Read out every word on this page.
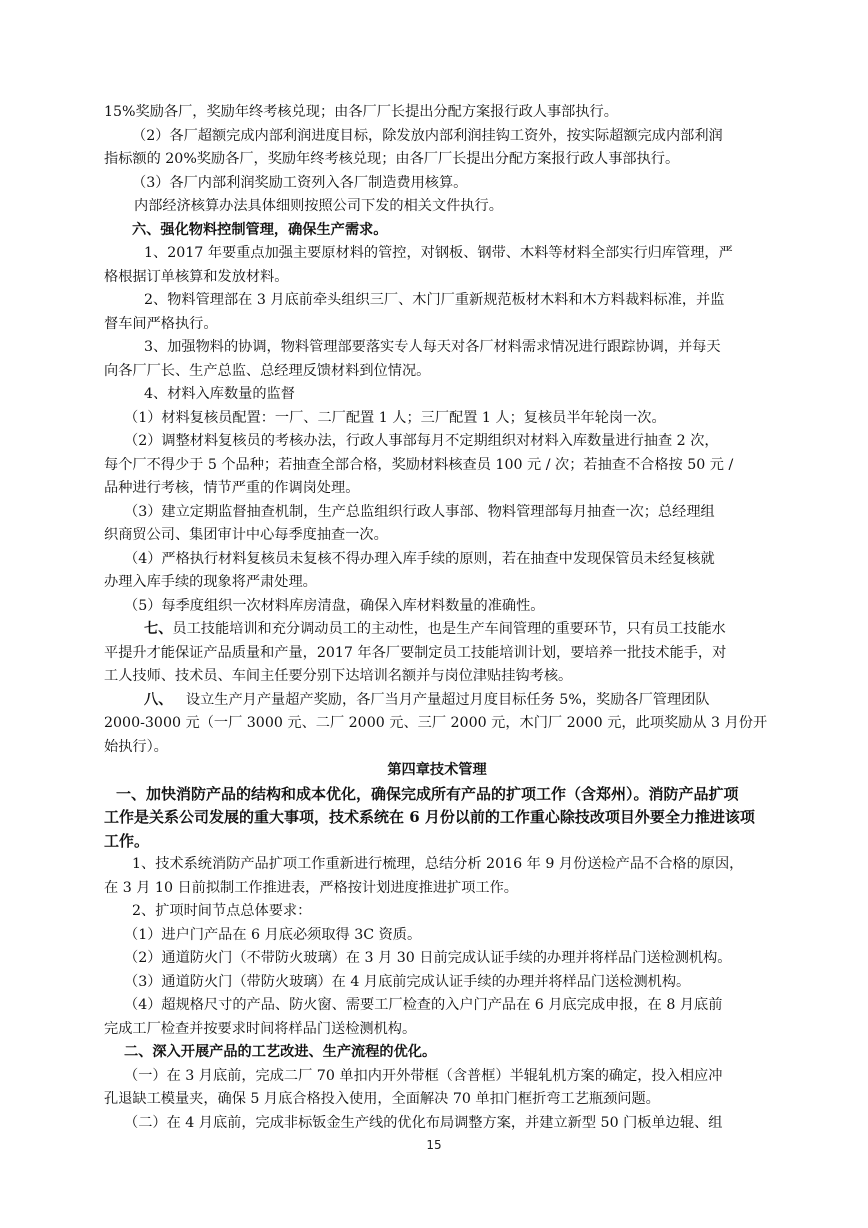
15%奖励各厂，奖励年终考核兑现；由各厂厂长提出分配方案报行政人事部执行。
（2）各厂超额完成内部利润进度目标，除发放内部利润挂钩工资外，按实际超额完成内部利润
指标额的 20%奖励各厂，奖励年终考核兑现；由各厂厂长提出分配方案报行政人事部执行。
（3）各厂内部利润奖励工资列入各厂制造费用核算。
内部经济核算办法具体细则按照公司下发的相关文件执行。
六、强化物料控制管理，确保生产需求。
1、2017 年要重点加强主要原材料的管控，对钢板、钢带、木料等材料全部实行归库管理，严
格根据订单核算和发放材料。
2、物料管理部在 3 月底前牵头组织三厂、木门厂重新规范板材木料和木方料裁料标准，并监
督车间严格执行。
3、加强物料的协调，物料管理部要落实专人每天对各厂材料需求情况进行跟踪协调，并每天
向各厂厂长、生产总监、总经理反馈材料到位情况。
4、材料入库数量的监督
（1）材料复核员配置：一厂、二厂配置 1 人；三厂配置 1 人；复核员半年轮岗一次。
（2）调整材料复核员的考核办法，行政人事部每月不定期组织对材料入库数量进行抽查 2 次，
每个厂不得少于 5 个品种；若抽查全部合格，奖励材料核查员 100 元 / 次；若抽查不合格按 50 元 /
品种进行考核，情节严重的作调岗处理。
（3）建立定期监督抽查机制，生产总监组织行政人事部、物料管理部每月抽查一次；总经理组
织商贸公司、集团审计中心每季度抽查一次。
（4）严格执行材料复核员未复核不得办理入库手续的原则，若在抽查中发现保管员未经复核就
办理入库手续的现象将严肃处理。
（5）每季度组织一次材料库房清盘，确保入库材料数量的准确性。
七、员工技能培训和充分调动员工的主动性，也是生产车间管理的重要环节，只有员工技能水
平提升才能保证产品质量和产量，2017 年各厂要制定员工技能培训计划，要培养一批技术能手，对
工人技师、技术员、车间主任要分别下达培训名额并与岗位津贴挂钩考核。
八、 设立生产月产量超产奖励，各厂当月产量超过月度目标任务 5%，奖励各厂管理团队
2000-3000 元（一厂 3000 元、二厂 2000 元、三厂 2000 元，木门厂 2000 元，此项奖励从 3 月份开
始执行）。
第四章技术管理
一、加快消防产品的结构和成本优化，确保完成所有产品的扩项工作（含郑州）。消防产品扩项
工作是关系公司发展的重大事项，技术系统在 6 月份以前的工作重心除技改项目外要全力推进该项
工作。
1、技术系统消防产品扩项工作重新进行梳理，总结分析 2016 年 9 月份送检产品不合格的原因，
在 3 月 10 日前拟制工作推进表，严格按计划进度推进扩项工作。
2、扩项时间节点总体要求：
（1）进户门产品在 6 月底必须取得 3C 资质。
（2）通道防火门（不带防火玻璃）在 3 月 30 日前完成认证手续的办理并将样品门送检测机构。
（3）通道防火门（带防火玻璃）在 4 月底前完成认证手续的办理并将样品门送检测机构。
（4）超规格尺寸的产品、防火窗、需要工厂检查的入户门产品在 6 月底完成申报，在 8 月底前
完成工厂检查并按要求时间将样品门送检测机构。
二、深入开展产品的工艺改进、生产流程的优化。
（一）在 3 月底前，完成二厂 70 单扣内开外带框（含普框）半辊轧机方案的确定，投入相应冲
孔退缺工模量夹，确保 5 月底合格投入使用，全面解决 70 单扣门框折弯工艺瓶颈问题。
（二）在 4 月底前，完成非标钣金生产线的优化布局调整方案，并建立新型 50 门板单边辊、组
15
